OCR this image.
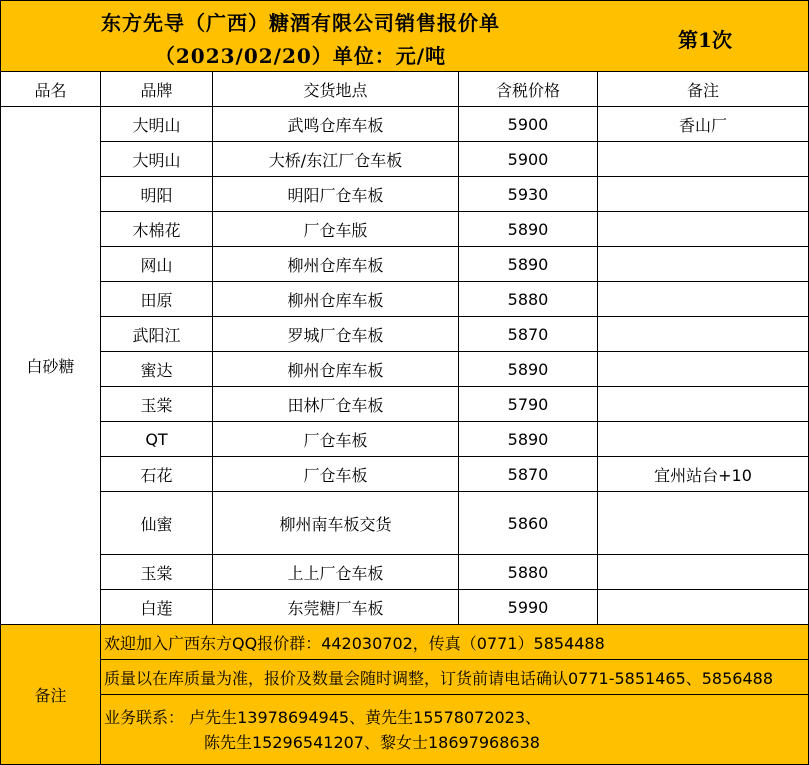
东方先导（广西）糖酒有限公司销售报价单
（2023/02/20）单位：元/吨
第1次				

品名	品牌	交货地点	含税价格	备注
白砂糖	大明山	武鸣仓库车板	5900	香山厂
	大明山	大桥/东江厂仓车板	5900	
	明阳	明阳厂仓车板	5930	
	木棉花	厂仓车版	5890	
	网山	柳州仓库车板	5890	
	田原	柳州仓库车板	5880	
	武阳江	罗城厂仓车板	5870	
	蜜达	柳州仓库车板	5890	
	玉棠	田林厂仓车板	5790	
	QT	厂仓车板	5890	
	石花	厂仓车板	5870	宜州站台+10
	仙蜜	柳州南车板交货	5860	
	玉棠	上上厂仓车板	5880	
	白莲	东莞糖厂车板	5990	
备注	欢迎加入广西东方QQ报价群：442030702，传真（0771）5854488			
	质量以在库质量为准，报价及数量会随时调整，订货前请电话确认0771-5851465、5856488			

	业务联系： 卢先生13978694945、黄先生15578072023、
陈先生15296541207、黎女士18697968638			
